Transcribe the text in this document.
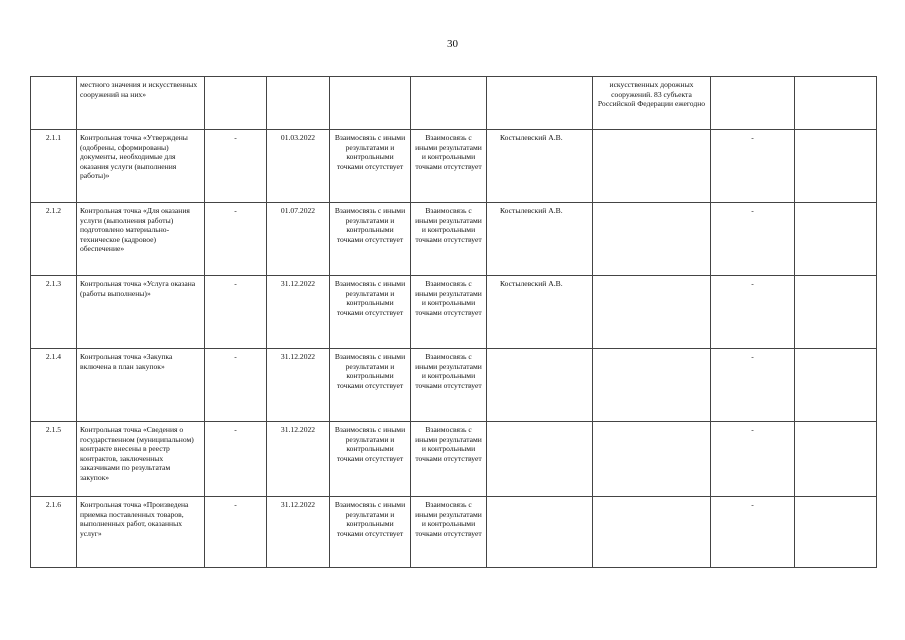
30
	местного значения и искусственных сооружений на них»						искусственных дорожных сооружений. 83 субъекта Российской Федерации ежегодно		
2.1.1	Контрольная точка «Утверждены (одобрены, сформированы) документы, необходимые для оказания услуги (выполнения работы)»	-	01.03.2022	Взаимосвязь с иными результатами и контрольными точками отсутствует	Взаимосвязь с иными результатами и контрольными точками отсутствует	Костылевский А.В.		-	
2.1.2	Контрольная точка «Для оказания услуги (выполнения работы) подготовлено материально-техническое (кадровое) обеспечение»	-	01.07.2022	Взаимосвязь с иными результатами и контрольными точками отсутствует	Взаимосвязь с иными результатами и контрольными точками отсутствует	Костылевский А.В.		-	
2.1.3	Контрольная точка «Услуга оказана (работы выполнены)»	-	31.12.2022	Взаимосвязь с иными результатами и контрольными точками отсутствует	Взаимосвязь с иными результатами и контрольными точками отсутствует	Костылевский А.В.		-	
2.1.4	Контрольная точка «Закупка включена в план закупок»	-	31.12.2022	Взаимосвязь с иными результатами и контрольными точками отсутствует	Взаимосвязь с иными результатами и контрольными точками отсутствует			-	
2.1.5	Контрольная точка «Сведения о государственном (муниципальном) контракте внесены в реестр контрактов, заключенных заказчиками по результатам закупок»	-	31.12.2022	Взаимосвязь с иными результатами и контрольными точками отсутствует	Взаимосвязь с иными результатами и контрольными точками отсутствует			-	
2.1.6	Контрольная точка «Произведена приемка поставленных товаров, выполненных работ, оказанных услуг»	-	31.12.2022	Взаимосвязь с иными результатами и контрольными точками отсутствует	Взаимосвязь с иными результатами и контрольными точками отсутствует			-	
